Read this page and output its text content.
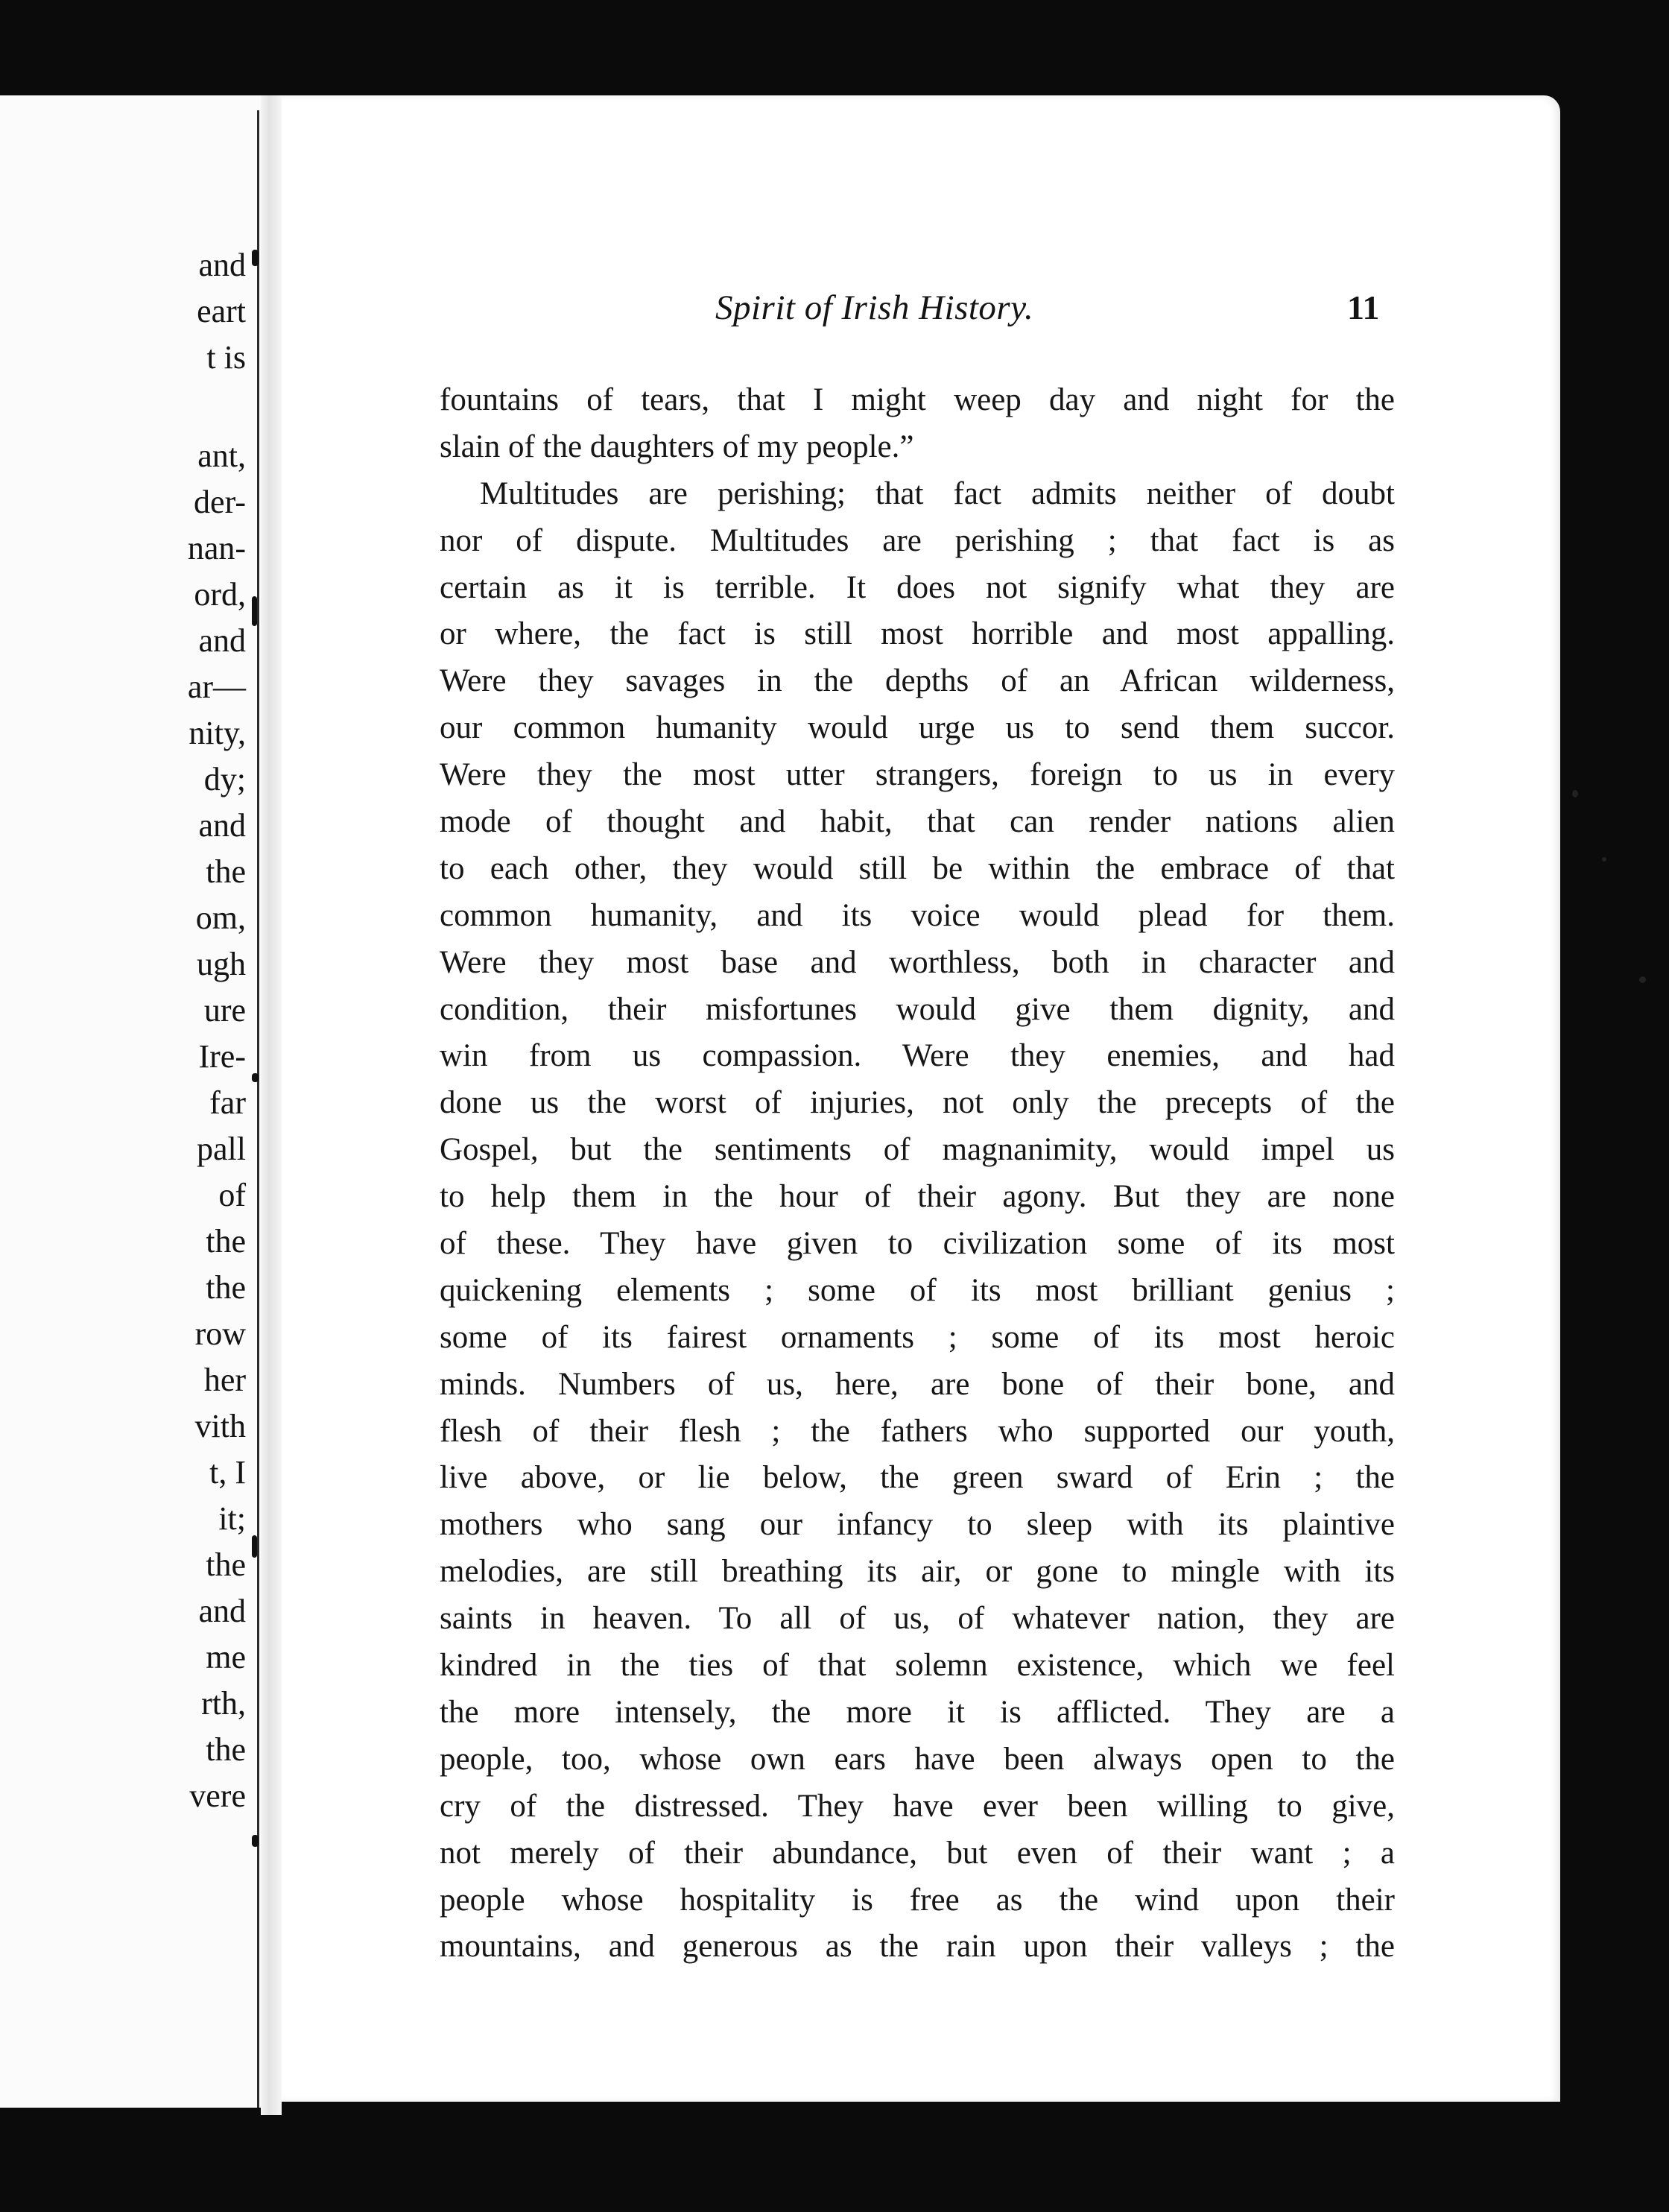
and
eart
t is
ant,
der-
nan-
ord,
and
ar—
nity,
dy;
and
the
om,
ugh
ure
Ire-
far
pall
of
the
the
row
her
vith
t, I
it;
the
and
me
rth,
the
vere
Spirit of Irish History.	11
fountains of tears, that I might weep day and night for the
slain of the daughters of my people.”
Multitudes are perishing; that fact admits neither of doubt
nor of dispute. Multitudes are perishing ; that fact is as
certain as it is terrible. It does not signify what they are
or where, the fact is still most horrible and most appalling.
Were they savages in the depths of an African wilderness,
our common humanity would urge us to send them succor.
Were they the most utter strangers, foreign to us in every
mode of thought and habit, that can render nations alien
to each other, they would still be within the embrace of that
common humanity, and its voice would plead for them.
Were they most base and worthless, both in character and
condition, their misfortunes would give them dignity, and
win from us compassion. Were they enemies, and had
done us the worst of injuries, not only the precepts of the
Gospel, but the sentiments of magnanimity, would impel us
to help them in the hour of their agony. But they are none
of these. They have given to civilization some of its most
quickening elements ; some of its most brilliant genius ;
some of its fairest ornaments ; some of its most heroic
minds. Numbers of us, here, are bone of their bone, and
flesh of their flesh ; the fathers who supported our youth,
live above, or lie below, the green sward of Erin ; the
mothers who sang our infancy to sleep with its plaintive
melodies, are still breathing its air, or gone to mingle with its
saints in heaven. To all of us, of whatever nation, they are
kindred in the ties of that solemn existence, which we feel
the more intensely, the more it is afflicted. They are a
people, too, whose own ears have been always open to the
cry of the distressed. They have ever been willing to give,
not merely of their abundance, but even of their want ; a
people whose hospitality is free as the wind upon their
mountains, and generous as the rain upon their valleys ; the
